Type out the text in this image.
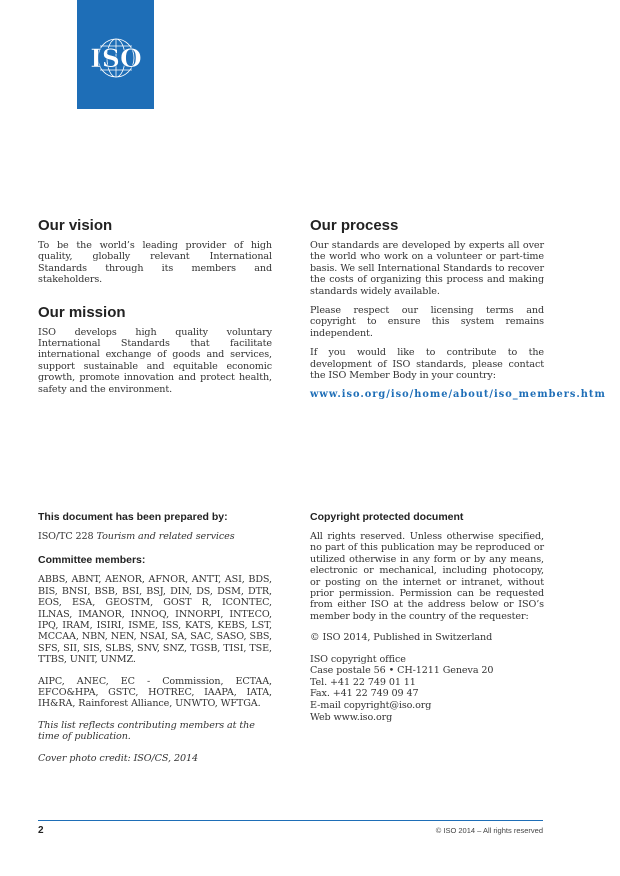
ISO
Our vision

To be the world’s leading provider of high quality, globally relevant International Standards through its members and stakeholders.

Our mission

ISO develops high quality voluntary International Standards that facilitate international exchange of goods and services, support sustainable and equitable economic growth, promote innovation and protect health, safety and the environment.

Our process

Our standards are developed by experts all over the world who work on a volunteer or part-time basis. We sell International Standards to recover the costs of organizing this process and making standards widely available.

Please respect our licensing terms and copyright to ensure this system remains independent.

If you would like to contribute to the development of ISO standards, please contact the ISO Member Body in your country:

www.iso.org/iso/home/about/iso_members.htm

This document has been prepared by:

ISO/TC 228 Tourism and related services

Committee members:

ABBS, ABNT, AENOR, AFNOR, ANTT, ASI, BDS, BIS, BNSI, BSB, BSI, BSJ, DIN, DS, DSM, DTR, EOS, ESA, GEOSTM, GOST R, ICONTEC, ILNAS, IMANOR, INNOQ, INNORPI, INTECO, IPQ, IRAM, ISIRI, ISME, ISS, KATS, KEBS, LST, MCCAA, NBN, NEN, NSAI, SA, SAC, SASO, SBS, SFS, SII, SIS, SLBS, SNV, SNZ, TGSB, TISI, TSE, TTBS, UNIT, UNMZ.

AIPC, ANEC, EC - Commission, ECTAA, EFCO&HPA, GSTC, HOTREC, IAAPA, IATA, IH&RA, Rainforest Alliance, UNWTO, WFTGA.

This list reflects contributing members at the time of publication.

Cover photo credit: ISO/CS, 2014

Copyright protected document

All rights reserved. Unless otherwise specified, no part of this publication may be reproduced or utilized otherwise in any form or by any means, electronic or mechanical, including photocopy, or posting on the internet or intranet, without prior permission. Permission can be requested from either ISO at the address below or ISO’s member body in the country of the requester:

© ISO 2014, Published in Switzerland

ISO copyright office
Case postale 56 • CH-1211 Geneva 20
Tel. +41 22 749 01 11
Fax. +41 22 749 09 47
E-mail copyright@iso.org
Web www.iso.org

2	© ISO 2014 – All rights reserved
